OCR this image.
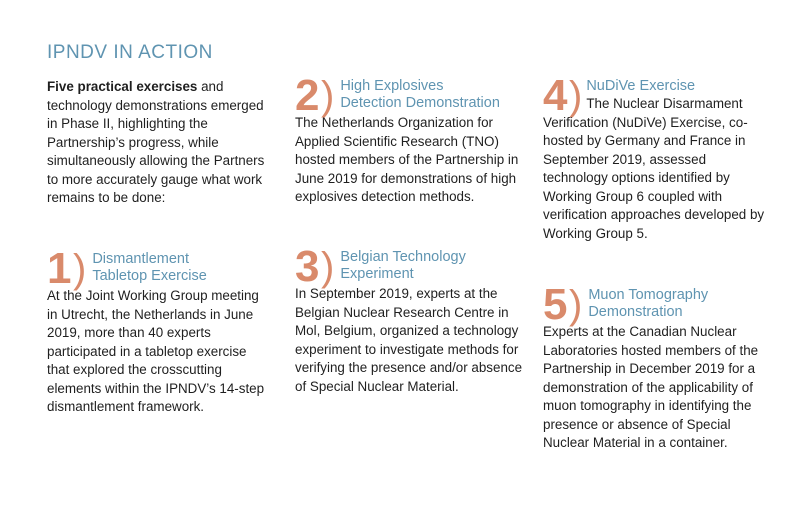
IPNDV IN ACTION
Five practical exercises and technology demonstrations emerged in Phase II, highlighting the Partnership’s progress, while simultaneously allowing the Partners to more accurately gauge what work remains to be done:
1 ) Dismantlement
Tabletop Exercise
At the Joint Working Group meeting in Utrecht, the Netherlands in June 2019, more than 40 experts participated in a tabletop exercise that explored the crosscutting elements within the IPNDV’s 14-step dismantlement framework.
2 ) High Explosives
Detection Demonstration
The Netherlands Organization for Applied Scientific Research (TNO) hosted members of the Partnership in June 2019 for demonstrations of high explosives detection methods.
3 ) Belgian Technology
Experiment
In September 2019, experts at the Belgian Nuclear Research Centre in Mol, Belgium, organized a technology experiment to investigate methods for verifying the presence and/or absence of Special Nuclear Material.
4 ) NuDiVe Exercise
The Nuclear Disarmament Verification (NuDiVe) Exercise, co-hosted by Germany and France in September 2019, assessed technology options identified by Working Group 6 coupled with verification approaches developed by Working Group 5.
5 ) Muon Tomography
Demonstration
Experts at the Canadian Nuclear Laboratories hosted members of the Partnership in December 2019 for a demonstration of the applicability of muon tomography in identifying the presence or absence of Special Nuclear Material in a container.
